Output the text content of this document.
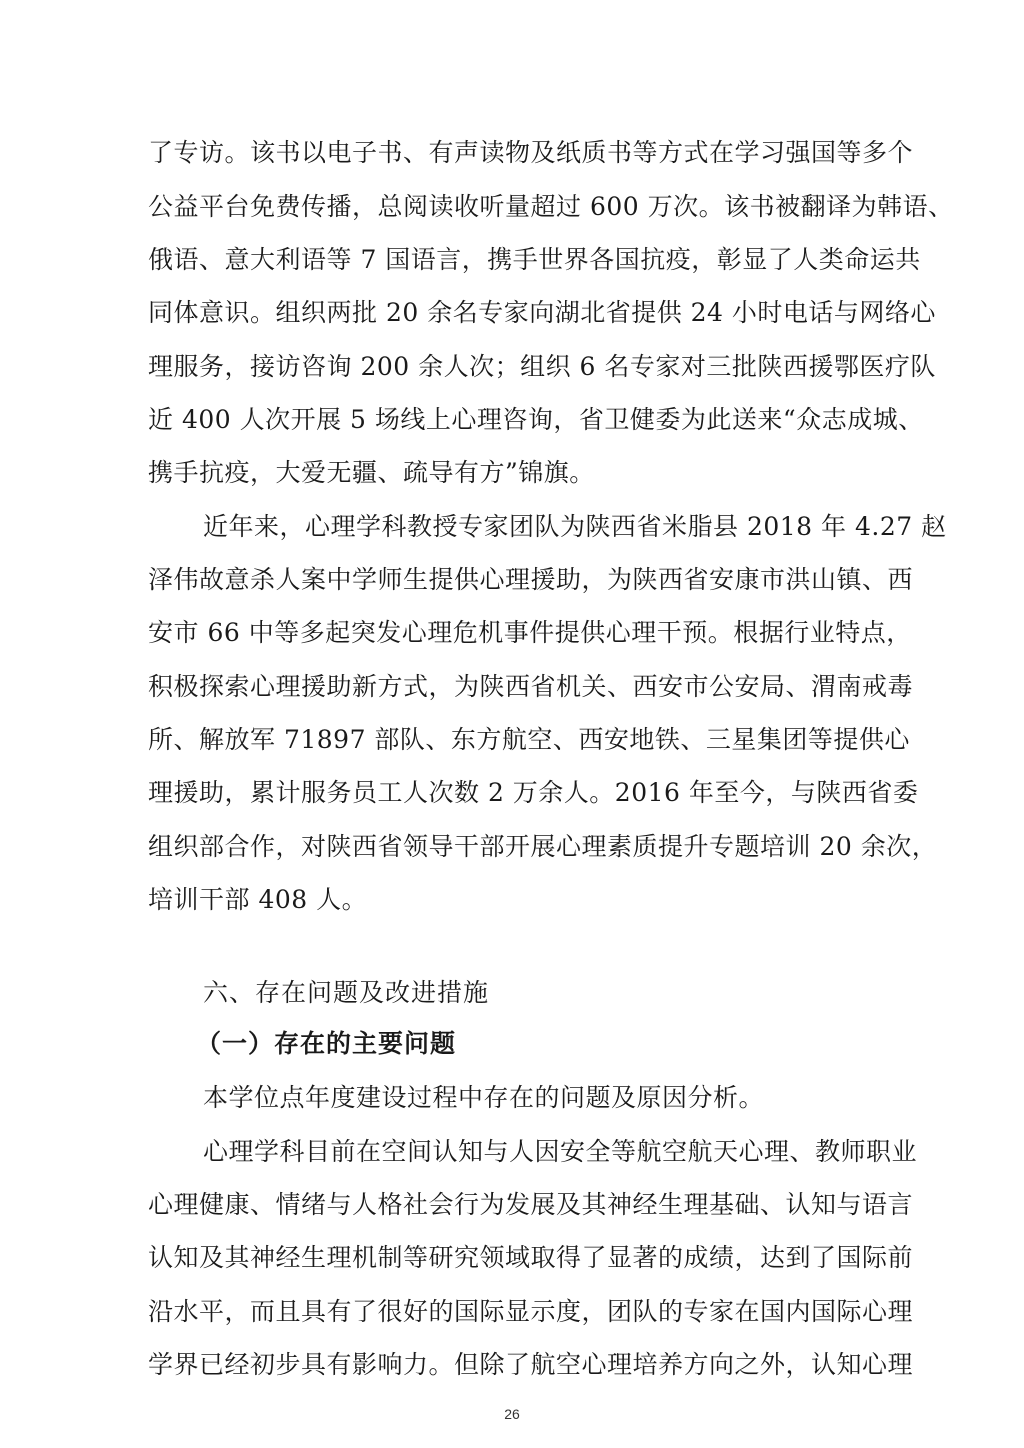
了专访。该书以电子书、有声读物及纸质书等方式在学习强国等多个
公益平台免费传播，总阅读收听量超过 600 万次。该书被翻译为韩语、
俄语、意大利语等 7 国语言，携手世界各国抗疫，彰显了人类命运共
同体意识。组织两批 20 余名专家向湖北省提供 24 小时电话与网络心
理服务，接访咨询 200 余人次；组织 6 名专家对三批陕西援鄂医疗队
近 400 人次开展 5 场线上心理咨询，省卫健委为此送来“众志成城、
携手抗疫，大爱无疆、疏导有方”锦旗。
近年来，心理学科教授专家团队为陕西省米脂县 2018 年 4.27 赵
泽伟故意杀人案中学师生提供心理援助，为陕西省安康市洪山镇、西
安市 66 中等多起突发心理危机事件提供心理干预。根据行业特点，
积极探索心理援助新方式，为陕西省机关、西安市公安局、渭南戒毒
所、解放军 71897 部队、东方航空、西安地铁、三星集团等提供心
理援助，累计服务员工人次数 2 万余人。2016 年至今，与陕西省委
组织部合作，对陕西省领导干部开展心理素质提升专题培训 20 余次，
培训干部 408 人。
六、存在问题及改进措施
（一）存在的主要问题
本学位点年度建设过程中存在的问题及原因分析。
心理学科目前在空间认知与人因安全等航空航天心理、教师职业
心理健康、情绪与人格社会行为发展及其神经生理基础、认知与语言
认知及其神经生理机制等研究领域取得了显著的成绩，达到了国际前
沿水平，而且具有了很好的国际显示度，团队的专家在国内国际心理
学界已经初步具有影响力。但除了航空心理培养方向之外，认知心理
26
